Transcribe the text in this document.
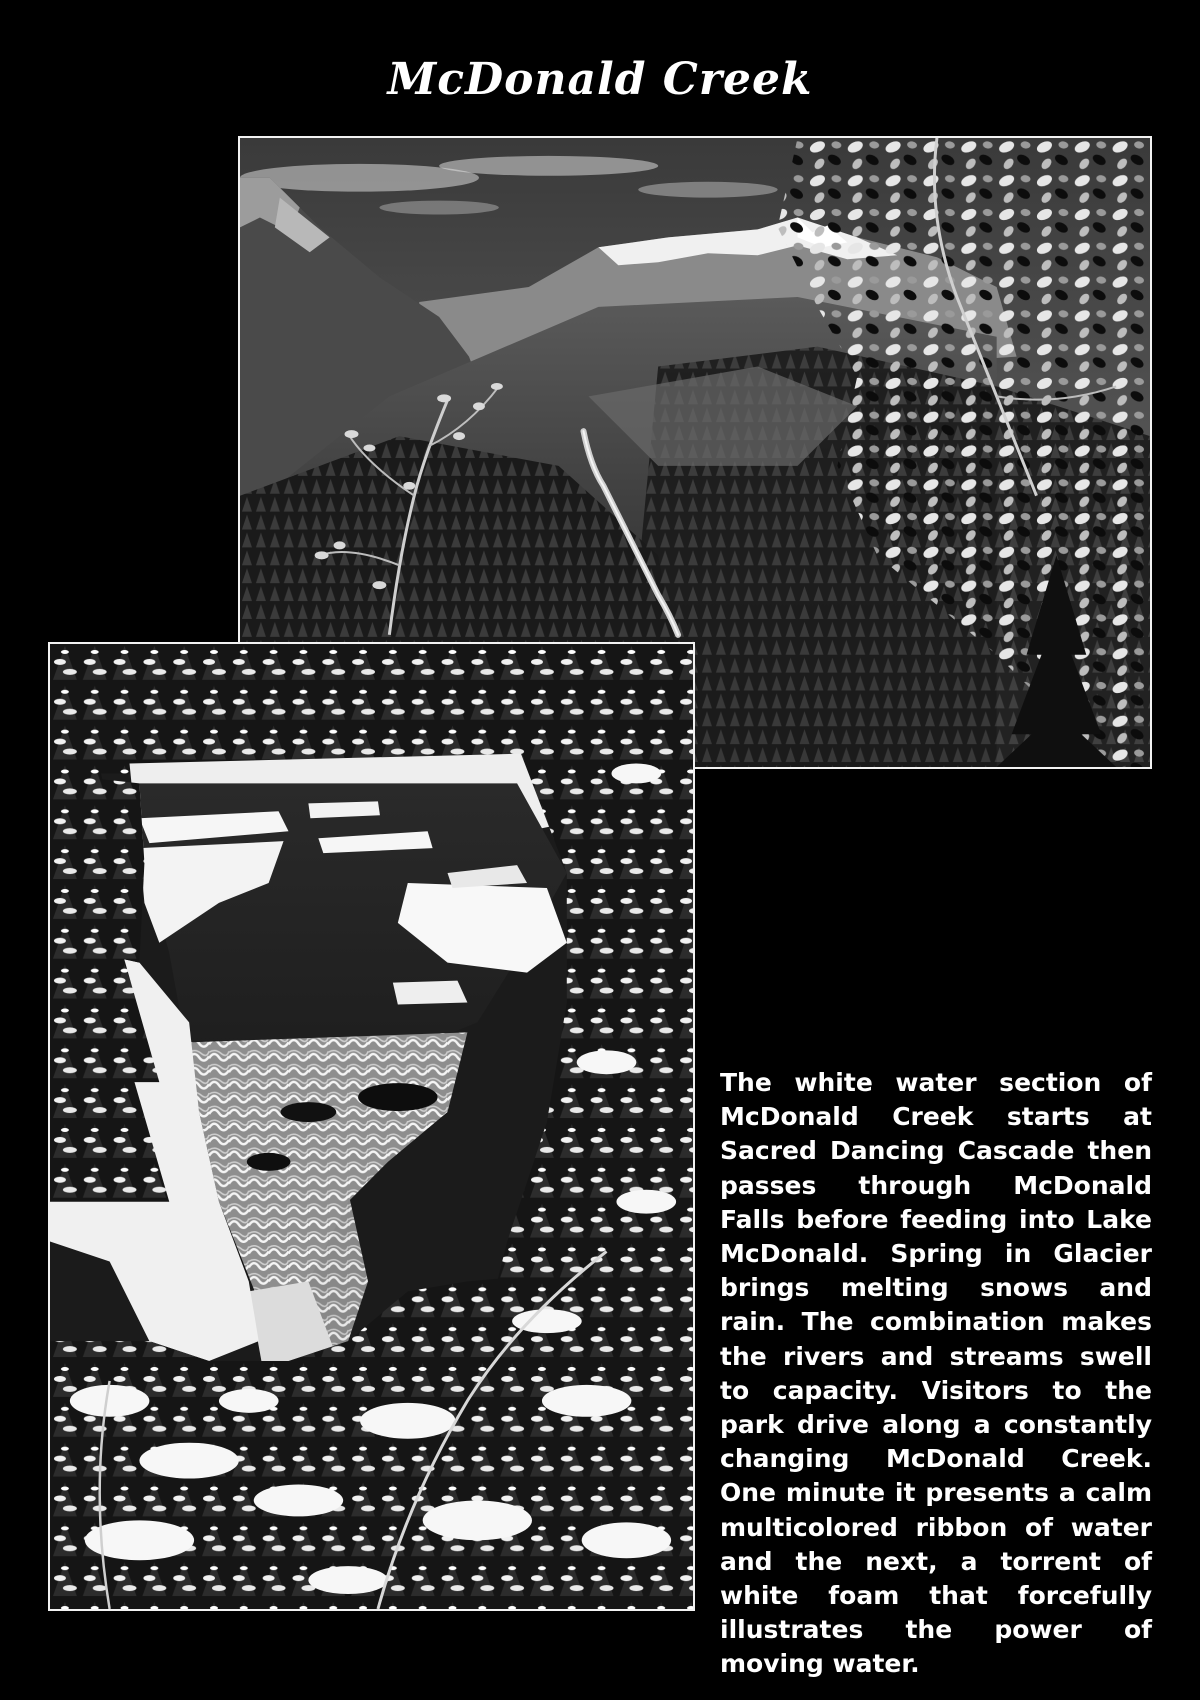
McDonald Creek

The white water section of McDonald Creek starts at Sacred Dancing Cascade then passes through McDonald Falls before feeding into Lake McDonald. Spring in Glacier brings melting snows and rain. The combination makes the rivers and streams swell to capacity. Visitors to the park drive along a constantly changing McDonald Creek. One minute it presents a calm multicolored ribbon of water and the next, a torrent of white foam that forcefully illustrates the power of moving water.
